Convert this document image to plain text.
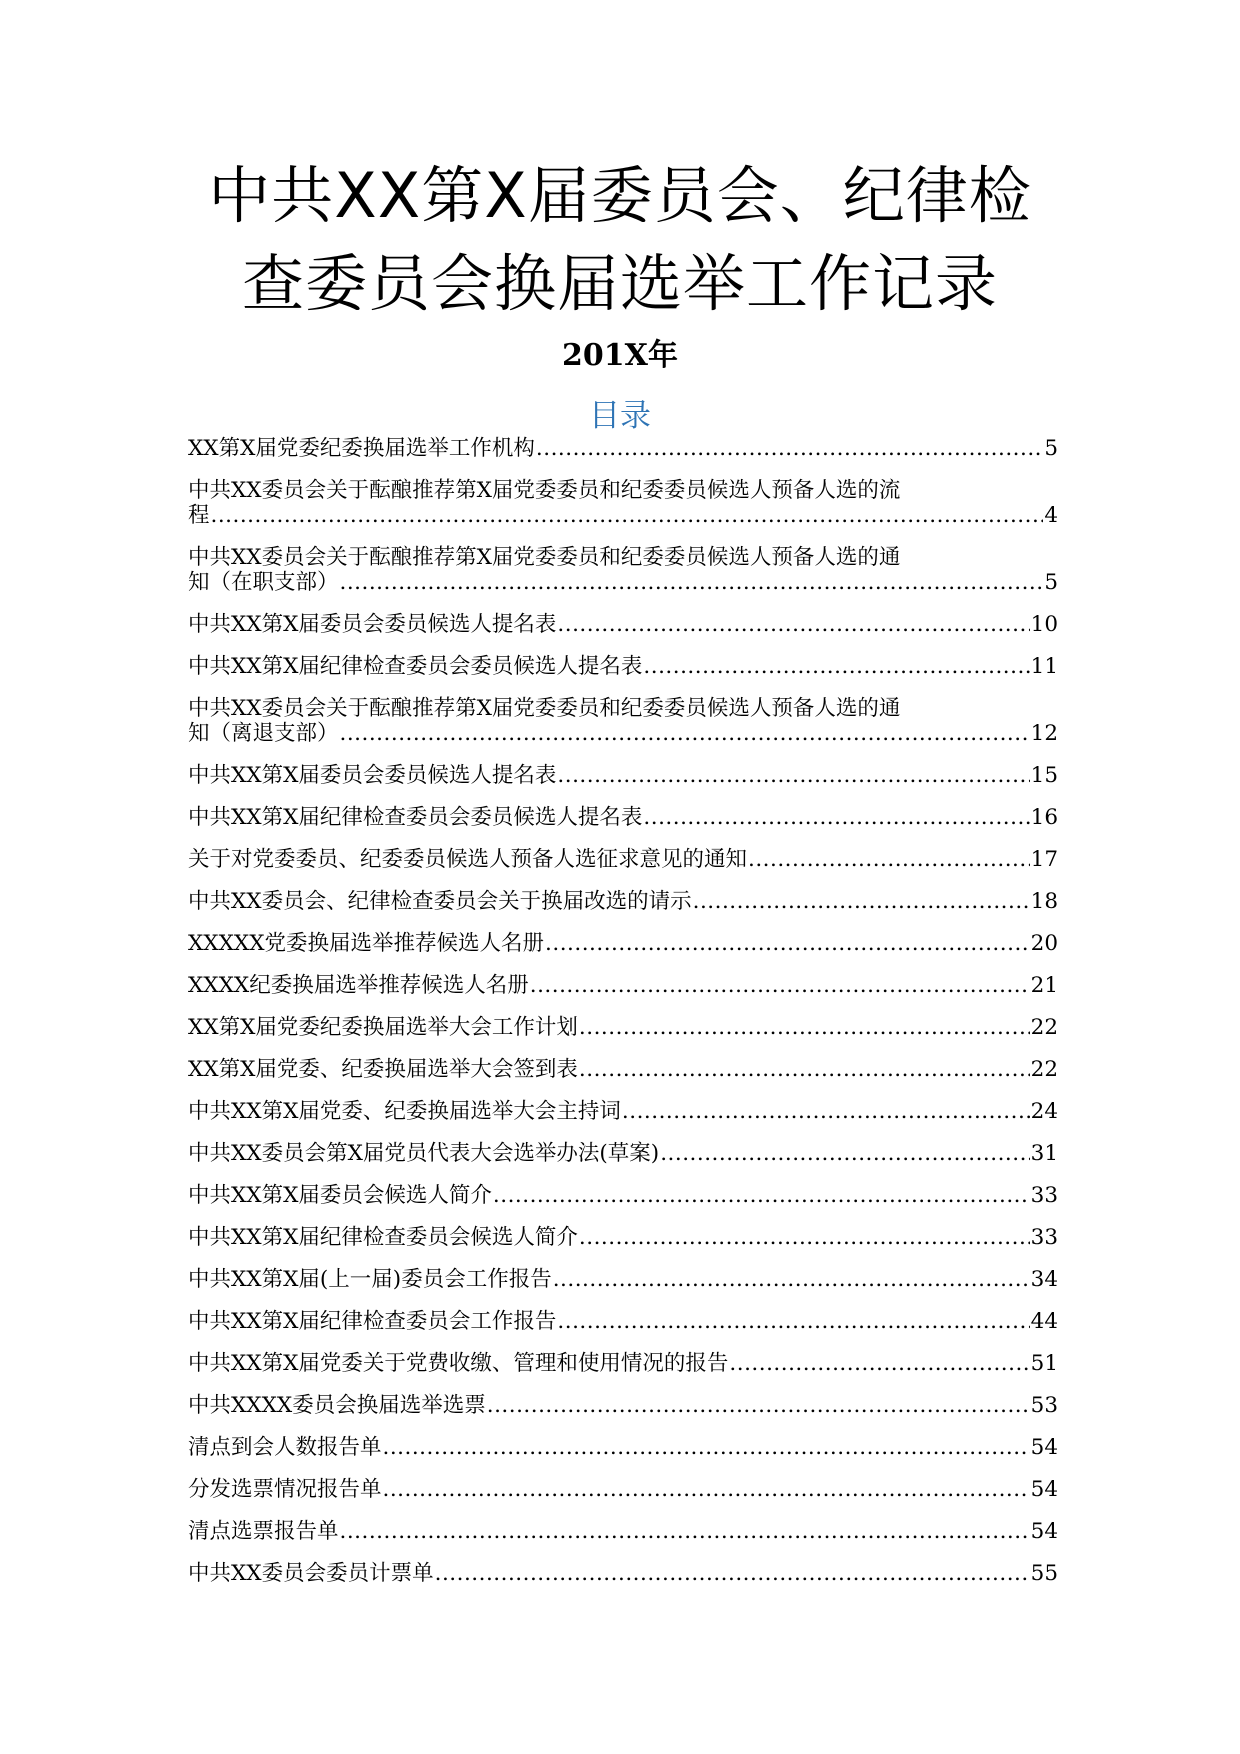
中共XX第X届委员会、纪律检
查委员会换届选举工作记录
201X年
目录
XX第X届党委纪委换届选举工作机构 .....	5
中共XX委员会关于酝酿推荐第X届党委委员和纪委委员候选人预备人选的流
程 .....	4
中共XX委员会关于酝酿推荐第X届党委委员和纪委委员候选人预备人选的通
知（在职支部） .....	5
中共XX第X届委员会委员候选人提名表 .....	10
中共XX第X届纪律检查委员会委员候选人提名表 .....	11
中共XX委员会关于酝酿推荐第X届党委委员和纪委委员候选人预备人选的通
知（离退支部） .....	12
中共XX第X届委员会委员候选人提名表 .....	15
中共XX第X届纪律检查委员会委员候选人提名表 .....	16
关于对党委委员、纪委委员候选人预备人选征求意见的通知 .....	17
中共XX委员会、纪律检查委员会关于换届改选的请示 .....	18
XXXXX党委换届选举推荐候选人名册 .....	20
XXXX纪委换届选举推荐候选人名册 .....	21
XX第X届党委纪委换届选举大会工作计划 .....	22
XX第X届党委、纪委换届选举大会签到表 .....	22
中共XX第X届党委、纪委换届选举大会主持词 .....	24
中共XX委员会第X届党员代表大会选举办法(草案) .....	31
中共XX第X届委员会候选人简介 .....	33
中共XX第X届纪律检查委员会候选人简介 .....	33
中共XX第X届(上一届)委员会工作报告 .....	34
中共XX第X届纪律检查委员会工作报告 .....	44
中共XX第X届党委关于党费收缴、管理和使用情况的报告 .....	51
中共XXXX委员会换届选举选票 .....	53
清点到会人数报告单 .....	54
分发选票情况报告单 .....	54
清点选票报告单 .....	54
中共XX委员会委员计票单 .....	55
